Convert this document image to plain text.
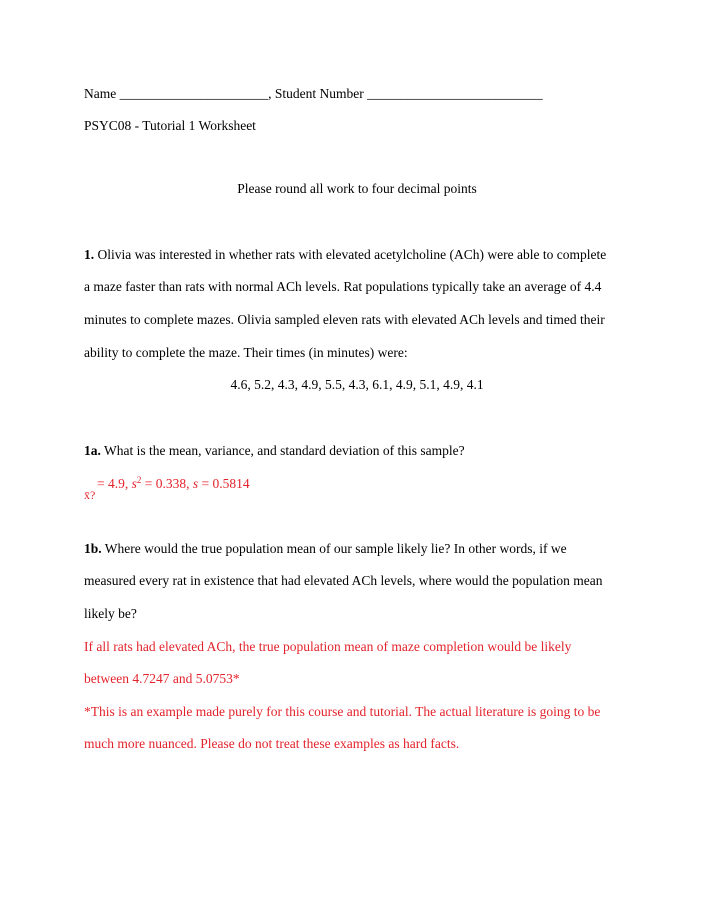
Name ______________________, Student Number __________________________
PSYC08 - Tutorial 1 Worksheet
Please round all work to four decimal points
1. Olivia was interested in whether rats with elevated acetylcholine (ACh) were able to complete
a maze faster than rats with normal ACh levels. Rat populations typically take an average of 4.4
minutes to complete mazes. Olivia sampled eleven rats with elevated ACh levels and timed their
ability to complete the maze. Their times (in minutes) were:
4.6, 5.2, 4.3, 4.9, 5.5, 4.3, 6.1, 4.9, 5.1, 4.9, 4.1
1a. What is the mean, variance, and standard deviation of this sample?
= 4.9, $s^2 = 0.338$, s = 0.5814
x̄?
1b. Where would the true population mean of our sample likely lie? In other words, if we
measured every rat in existence that had elevated ACh levels, where would the population mean
likely be?
If all rats had elevated ACh, the true population mean of maze completion would be likely
between 4.7247 and 5.0753*
*This is an example made purely for this course and tutorial. The actual literature is going to be
much more nuanced. Please do not treat these examples as hard facts.
